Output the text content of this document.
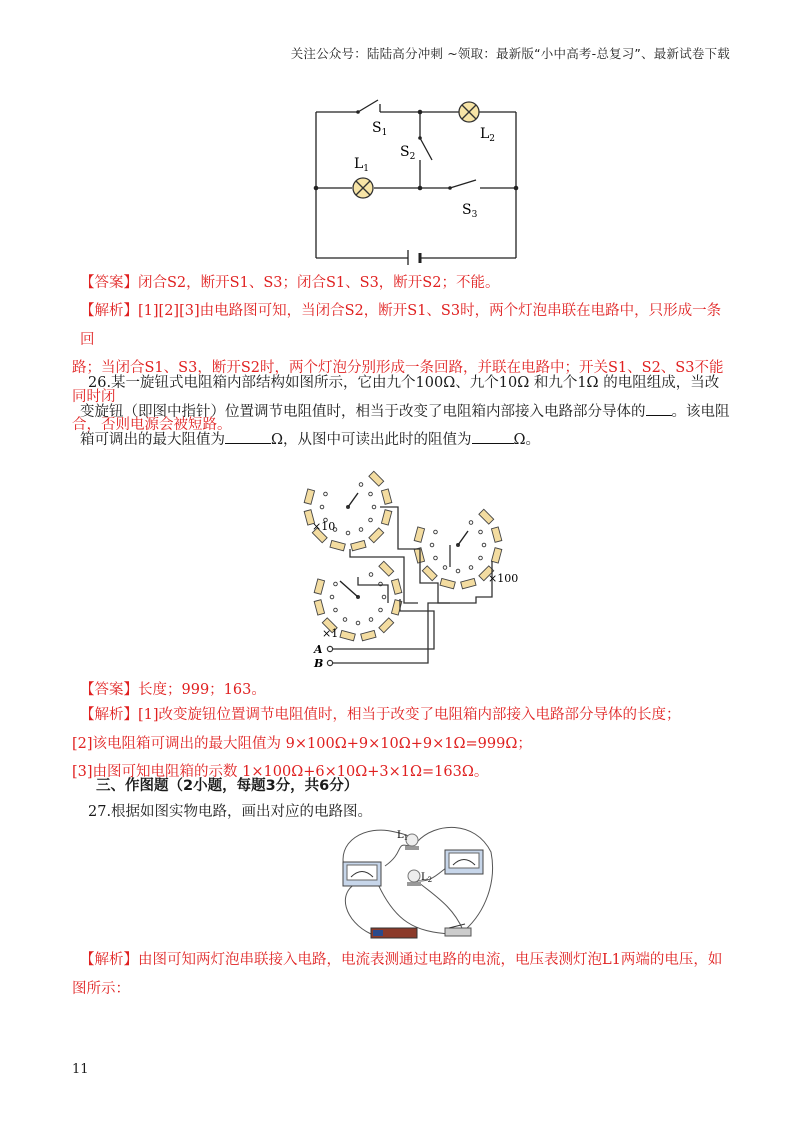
关注公众号：陆陆高分冲刺 ~领取：最新版“小中高考-总复习”、最新试卷下载
$S_1$
$S_2$
$S_3$
$L_1$
$L_2$
【答案】闭合S2，断开S1、S3；闭合S1、S3，断开S2；不能。
【解析】[1][2][3]由电路图可知，当闭合S2，断开S1、S3时，两个灯泡串联在电路中，只形成一条回
路；当闭合S1、S3，断开S2时，两个灯泡分别形成一条回路，并联在电路中；开关S1、S2、S3不能同时闭
合，否则电源会被短路。
26.某一旋钮式电阻箱内部结构如图所示，它由九个100Ω、九个10Ω 和九个1Ω 的电阻组成，当改
变旋钮（即图中指针）位置调节电阻值时，相当于改变了电阻箱内部接入电路部分导体的 。该电阻
箱可调出的最大阻值为	Ω，从图中可读出此时的阻值为	Ω。
×10
×100
×1
A
B
【答案】长度；999；163。
【解析】[1]改变旋钮位置调节电阻值时，相当于改变了电阻箱内部接入电路部分导体的长度；
[2]该电阻箱可调出的最大阻值为 9×100Ω+9×10Ω+9×1Ω=999Ω；
[3]由图可知电阻箱的示数 1×100Ω+6×10Ω+3×1Ω=163Ω。
三、作图题（2小题，每题3分，共6分）
27.根据如图实物电路，画出对应的电路图。
$L_1$
$L_2$
【解析】由图可知两灯泡串联接入电路，电流表测通过电路的电流，电压表测灯泡L1两端的电压，如
图所示：
11
